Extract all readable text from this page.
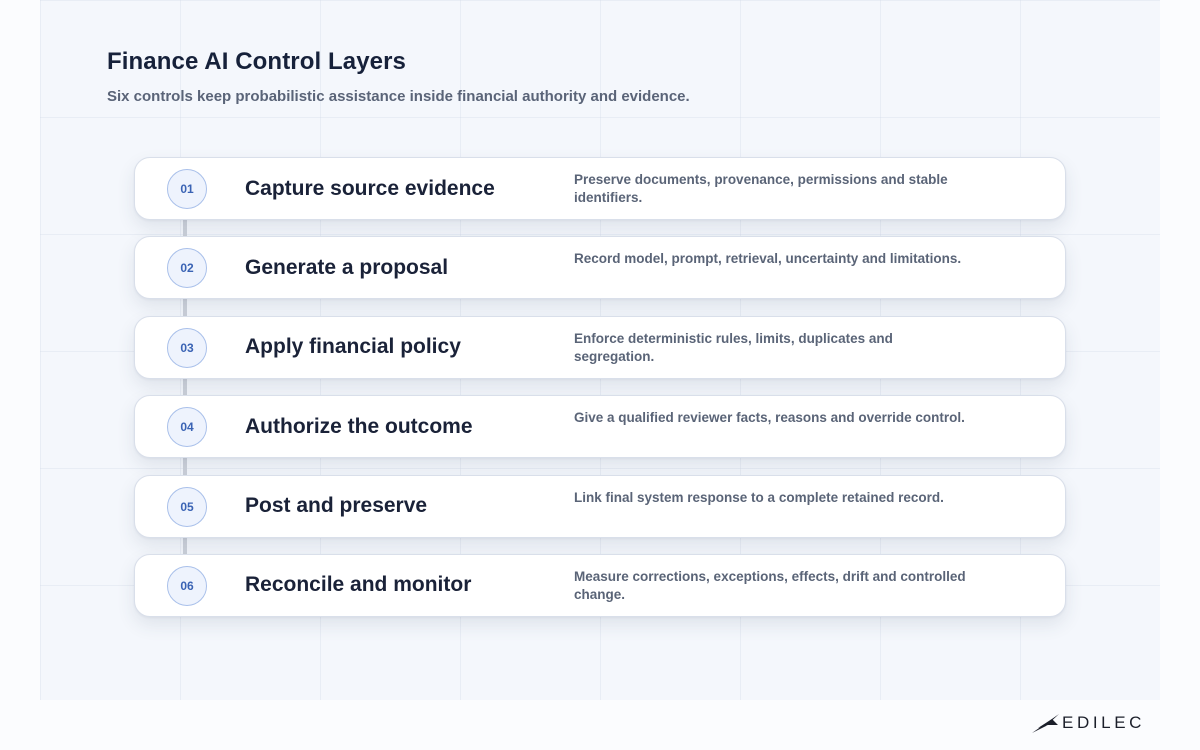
Finance AI Control Layers

Six controls keep probabilistic assistance inside financial authority and evidence.

01	Capture source evidence	Preserve documents, provenance, permissions and stable identifiers.
02	Generate a proposal	Record model, prompt, retrieval, uncertainty and limitations.
03	Apply financial policy	Enforce deterministic rules, limits, duplicates and segregation.
04	Authorize the outcome	Give a qualified reviewer facts, reasons and override control.
05	Post and preserve	Link final system response to a complete retained record.
06	Reconcile and monitor	Measure corrections, exceptions, effects, drift and controlled change.
EDILEC
